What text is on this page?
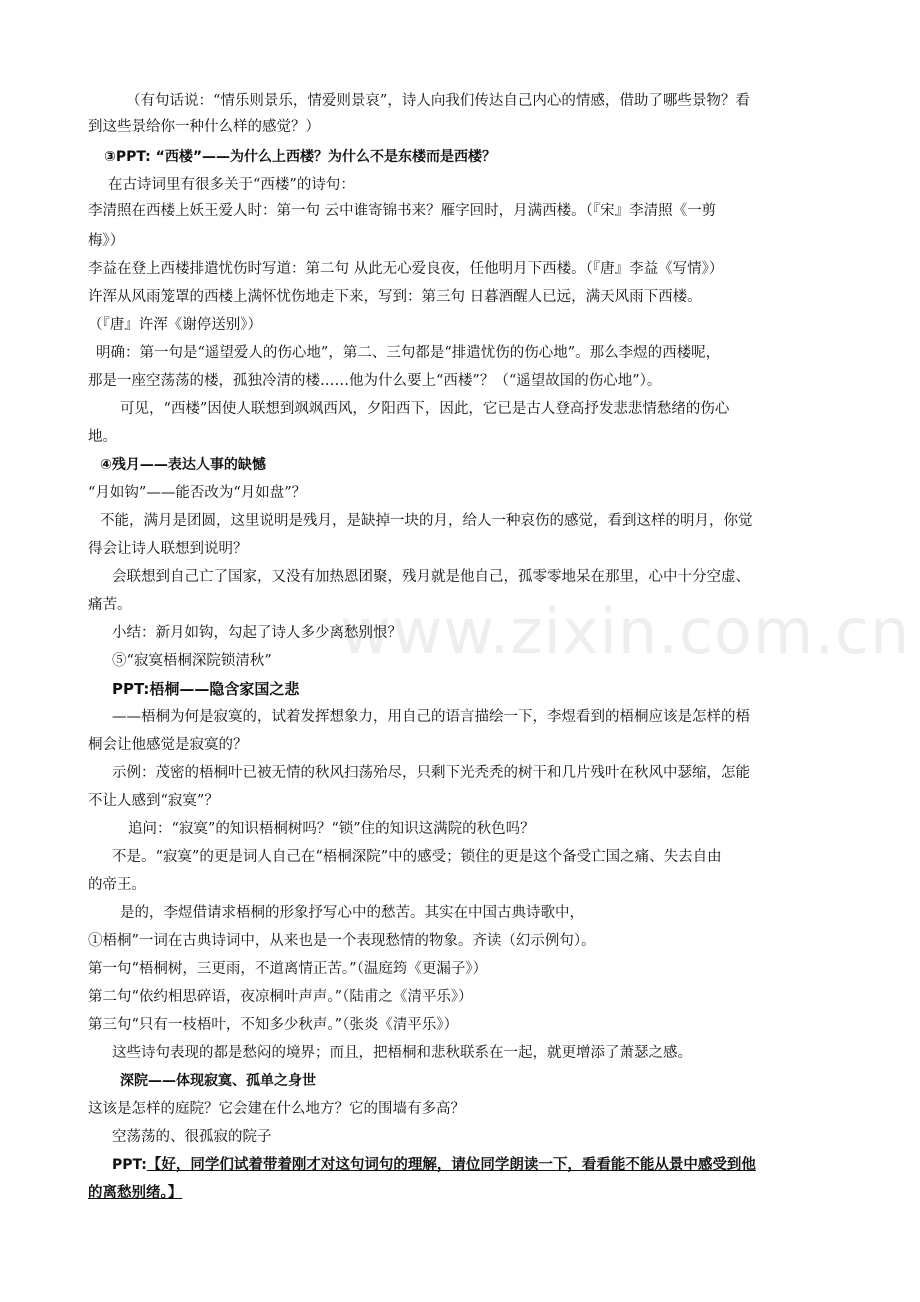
www.zixin.com.cn
（有句话说：“情乐则景乐，情爱则景哀”，诗人向我们传达自己内心的情感，借助了哪些景物？看
到这些景给你一种什么样的感觉？）
③PPT: “西楼”——为什么上西楼？为什么不是东楼而是西楼？
在古诗词里有很多关于“西楼”的诗句：
李清照在西楼上妖王爱人时：第一句 云中谁寄锦书来？雁字回时，月满西楼。（『宋』李清照《一剪
梅》）
李益在登上西楼排遣忧伤时写道：第二句 从此无心爱良夜，任他明月下西楼。（『唐』李益《写情》）
许浑从风雨笼罩的西楼上满怀忧伤地走下来，写到：第三句 日暮酒醒人已远，满天风雨下西楼。
（『唐』许浑《谢停送别》）
明确：第一句是“遥望爱人的伤心地”，第二、三句都是“排遣忧伤的伤心地”。那么李煜的西楼呢，
那是一座空荡荡的楼，孤独冷清的楼……他为什么要上“西楼”？（“遥望故国的伤心地”）。
可见，“西楼”因使人联想到飒飒西风，夕阳西下，因此，它已是古人登高抒发悲悲情愁绪的伤心
地。
④残月——表达人事的缺憾
“月如钩”——能否改为“月如盘”？
不能，满月是团圆，这里说明是残月，是缺掉一块的月，给人一种哀伤的感觉，看到这样的明月，你觉
得会让诗人联想到说明？
会联想到自己亡了国家，又没有加热恩团聚，残月就是他自己，孤零零地呆在那里，心中十分空虚、
痛苦。
小结：新月如钩，勾起了诗人多少离愁别恨？
⑤“寂寞梧桐深院锁清秋”
PPT:梧桐——隐含家国之悲
——梧桐为何是寂寞的，试着发挥想象力，用自己的语言描绘一下，李煜看到的梧桐应该是怎样的梧
桐会让他感觉是寂寞的？
示例：茂密的梧桐叶已被无情的秋风扫荡殆尽，只剩下光秃秃的树干和几片残叶在秋风中瑟缩，怎能
不让人感到“寂寞”？
追问：“寂寞”的知识梧桐树吗？“锁”住的知识这满院的秋色吗？
不是。“寂寞”的更是词人自己在“梧桐深院”中的感受；锁住的更是这个备受亡国之痛、失去自由
的帝王。
是的，李煜借请求梧桐的形象抒写心中的愁苦。其实在中国古典诗歌中，
①梧桐”一词在古典诗词中，从来也是一个表现愁情的物象。齐读（幻示例句）。
第一句“梧桐树，三更雨，不道离情正苦。”（温庭筠《更漏子》）
第二句“依约相思碎语，夜凉桐叶声声。”（陆甫之《清平乐》）
第三句“只有一枝梧叶，不知多少秋声。”（张炎《清平乐》）
这些诗句表现的都是愁闷的境界；而且，把梧桐和悲秋联系在一起，就更增添了萧瑟之感。
深院——体现寂寞、孤单之身世
这该是怎样的庭院？它会建在什么地方？它的围墙有多高？
空荡荡的、很孤寂的院子
PPT:【好，同学们试着带着刚才对这句词句的理解，请位同学朗读一下，看看能不能从景中感受到他
的离愁别绪。】
